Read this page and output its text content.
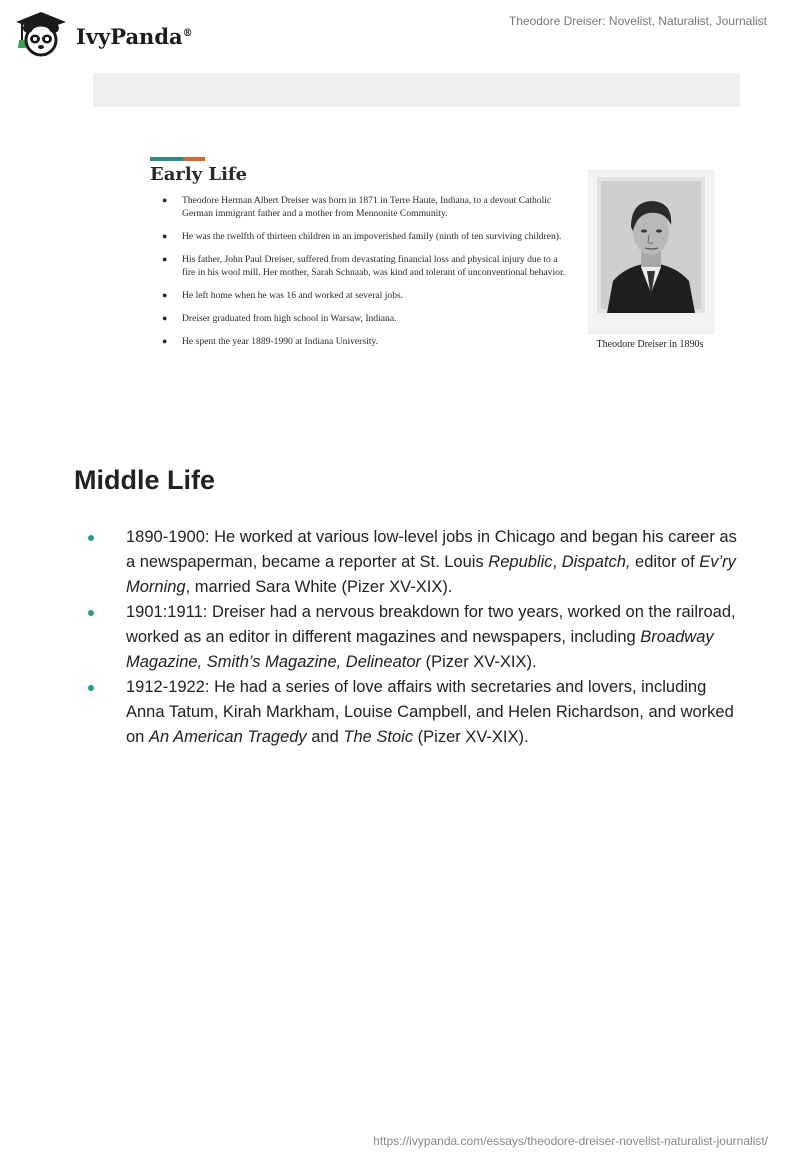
IvyPanda®
Theodore Dreiser: Novelist, Naturalist, Journalist
Early Life
● Theodore Herman Albert Dreiser was born in 1871 in Terre Haute, Indiana, to a devout Catholic German immigrant father and a mother from Mennonite Community.
● He was the twelfth of thirteen children in an impoverished family (ninth of ten surviving children).
● His father, John Paul Dreiser, suffered from devastating financial loss and physical injury due to a fire in his wool mill. Her mother, Sarah Schnaab, was kind and tolerant of unconventional behavior.
● He left home when he was 16 and worked at several jobs.
● Dreiser graduated from high school in Warsaw, Indiana.
● He spent the year 1889-1990 at Indiana University.	Theodore Dreiser in 1890s
Middle Life
1890-1900: He worked at various low-level jobs in Chicago and began his career as a newspaperman, became a reporter at St. Louis Republic, Dispatch, editor of Ev’ry Morning, married Sara White (Pizer XV-XIX).
1901:1911: Dreiser had a nervous breakdown for two years, worked on the railroad, worked as an editor in different magazines and newspapers, including Broadway Magazine, Smith’s Magazine, Delineator (Pizer XV-XIX).
1912-1922: He had a series of love affairs with secretaries and lovers, including Anna Tatum, Kirah Markham, Louise Campbell, and Helen Richardson, and worked on An American Tragedy and The Stoic (Pizer XV-XIX).
https://ivypanda.com/essays/theodore-dreiser-novelist-naturalist-journalist/
